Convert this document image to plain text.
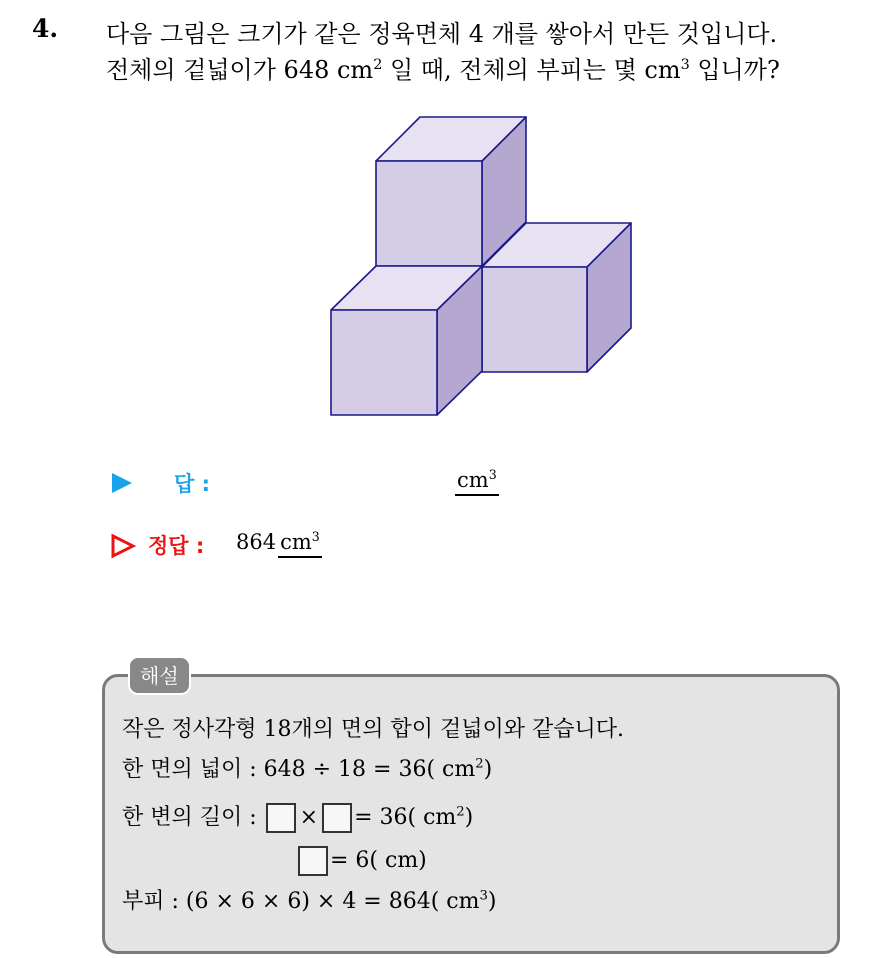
4. 다음 그림은 크기가 같은 정육면체 4 개를 쌓아서 만든 것입니다.
전체의 겉넓이가 648 $cm^2$ 일 때, 전체의 부피는 몇 $cm^3$ 입니까?
답 :	$cm^3$
정답 : 864 $cm^3$
해설
작은 정사각형 18개의 면의 합이 겉넓이와 같습니다.
한 면의 넓이 : 648 ÷ 18 = 36( $cm^2$)
한 변의 길이 : × = 36( $cm^2$)
= 6( cm)
부피 : (6 × 6 × 6) × 4 = 864( $cm^3$)
